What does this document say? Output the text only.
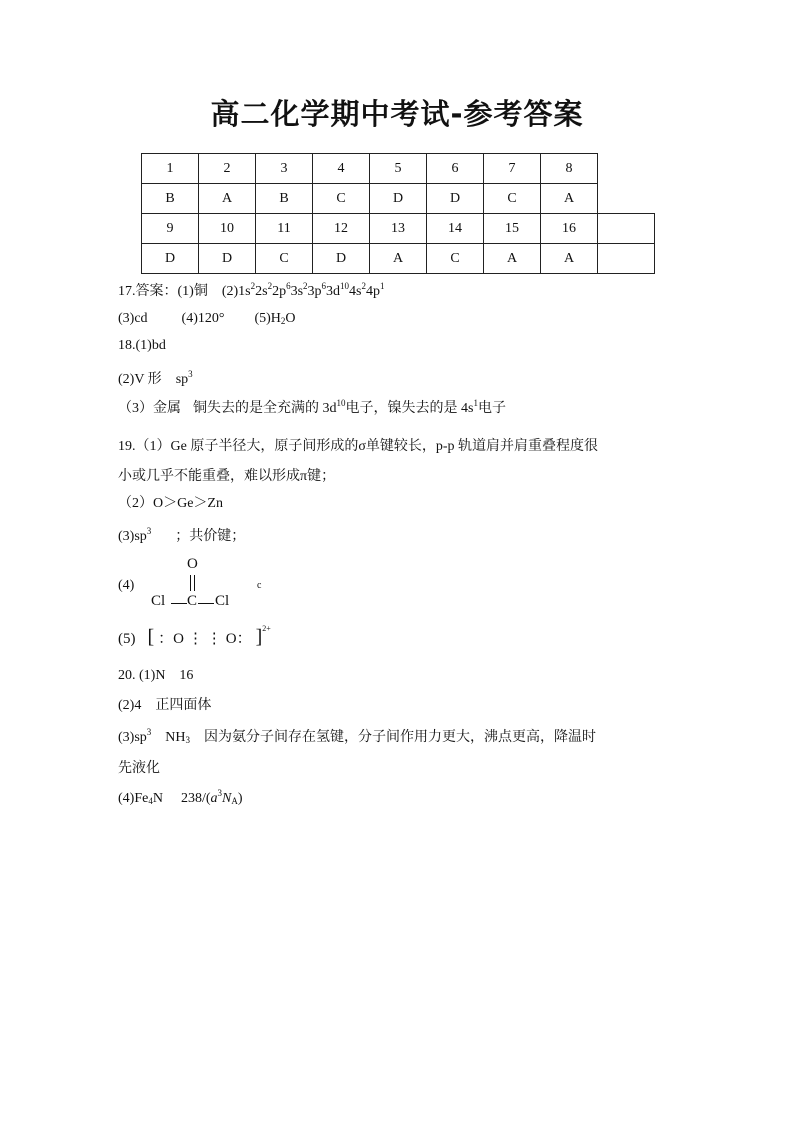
高二化学期中考试-参考答案
1	2	3	4	5	6	7	8	
B	A	B	C	D	D	C	A	
9	10	11	12	13	14	15	16	
D	D	C	D	A	C	A	A	
17.答案：(1)铜 $(2)1s^22s^22p^63s^23p^63d^{10}4s^24p^1$
(3)cd (4)120° $(5)H_2O$
18.(1)bd
(2)V 形 $sp^3$
（3）金属 铜失去的是全充满的 $3d^{10}$电子，镍失去的是 $4s^1$电子
19.（1）Ge 原子半径大，原子间形成的σ单键较长，p-p 轨道肩并肩重叠程度很
小或几乎不能重叠，难以形成π键；
（2）O＞Ge＞Zn
$(3)sp^3$ ；共价键；
(4)
O
Cl C Cl
c
(5) [ ：O ⋮ ⋮ O： ]$^{2+}$
20. (1)N　16
(2)4 正四面体
$(3)sp^3$ $NH_3$ 因为氨分子间存在氢键，分子间作用力更大，沸点更高，降温时
先液化
$(4)Fe_4N$ $238/(a^3N_A)$
